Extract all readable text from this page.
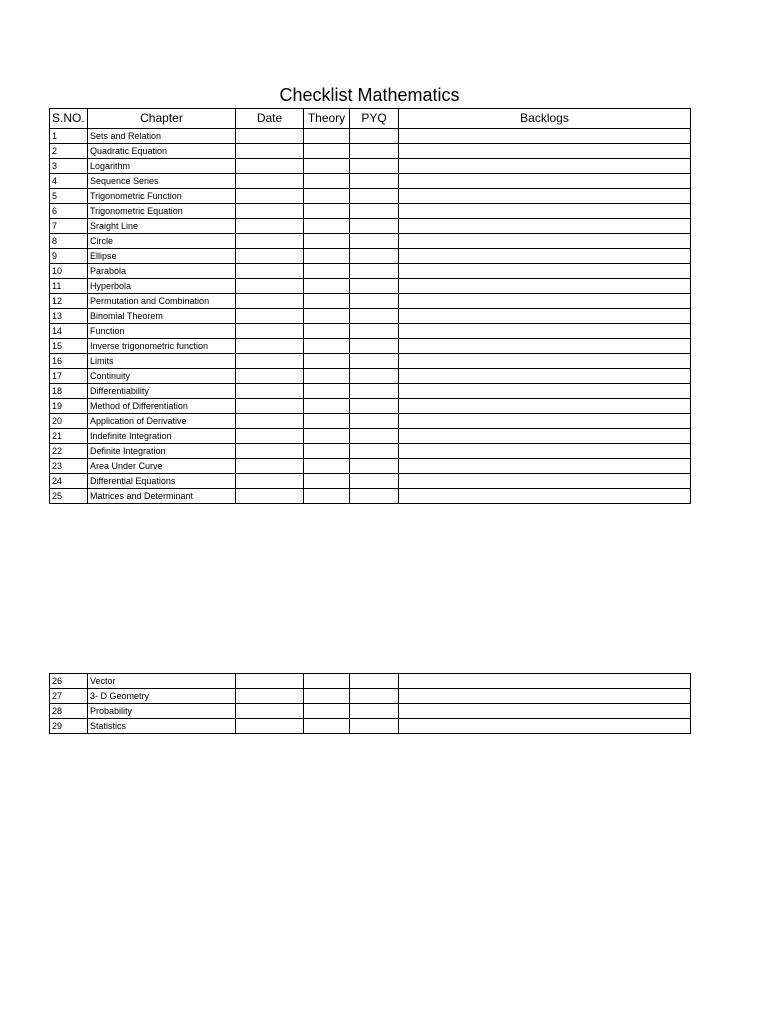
Checklist Mathematics
S.NO.	Chapter	Date	Theory	PYQ	Backlogs
1	Sets and Relation				
2	Quadratic Equation				
3	Logarithm				
4	Sequence Series				
5	Trigonometric Function				
6	Trigonometric Equation				
7	Sraight Line				
8	Circle				
9	Ellipse				
10	Parabola				
11	Hyperbola				
12	Permutation and Combination				
13	Binomial Theorem				
14	Function				
15	Inverse trigonometric function				
16	Limits				
17	Continuity				
18	Differentiability				
19	Method of Differentiation				
20	Application of Derivative				
21	Indefinite Integration				
22	Definite Integration				
23	Area Under Curve				
24	Differential Equations				
25	Matrices and Determinant				
26	Vector				
27	3- D Geometry				
28	Probability				
29	Statistics				
